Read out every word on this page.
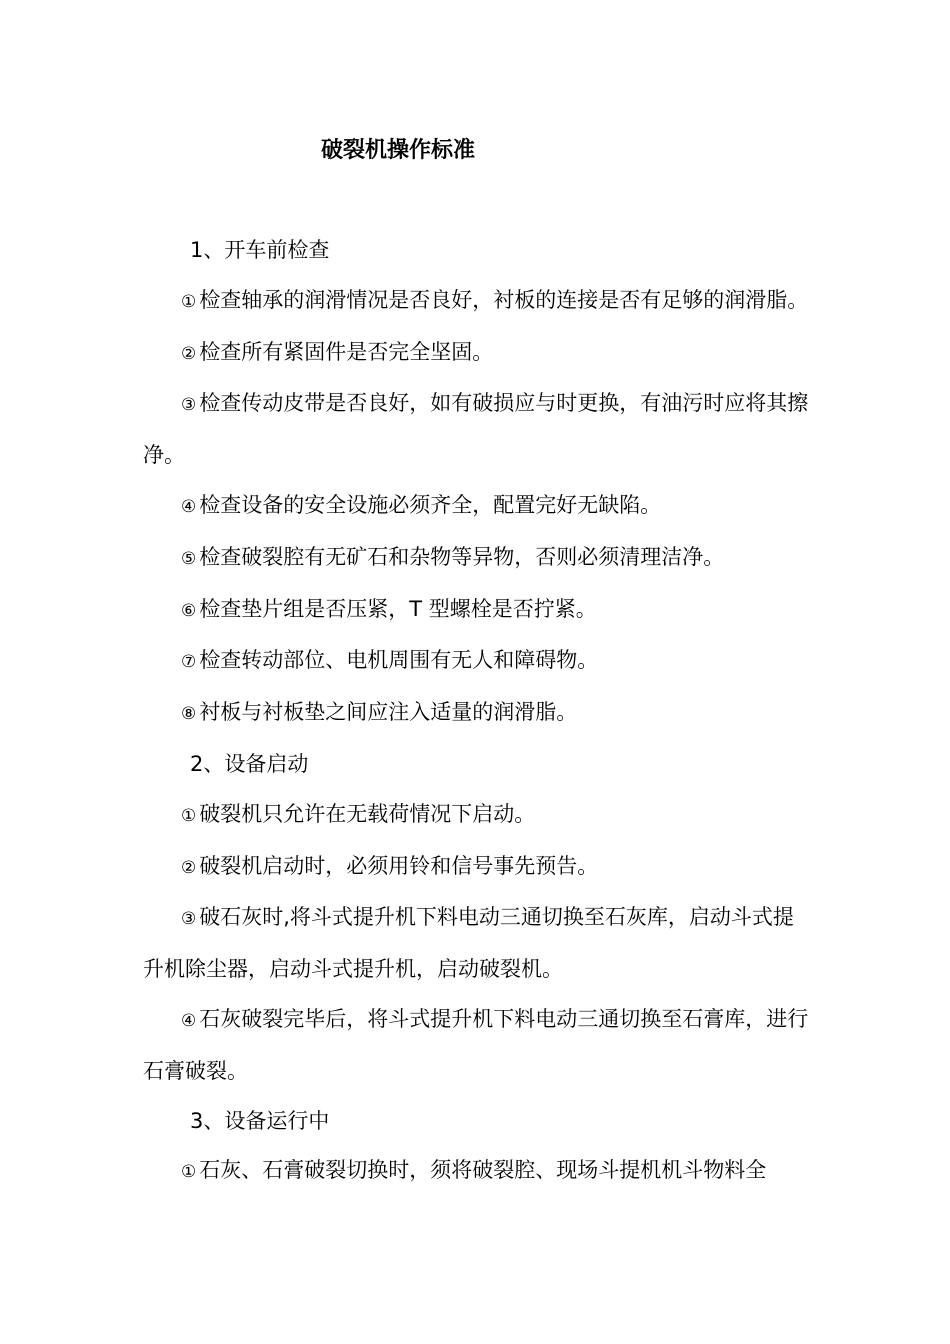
破裂机操作标准

1、开车前检查

① 检查轴承的润滑情况是否良好，衬板的连接是否有足够的润滑脂。

② 检查所有紧固件是否完全坚固。

③ 检查传动皮带是否良好，如有破损应与时更换，有油污时应将其擦净。

④ 检查设备的安全设施必须齐全，配置完好无缺陷。

⑤ 检查破裂腔有无矿石和杂物等异物，否则必须清理洁净。

⑥ 检查垫片组是否压紧，T 型螺栓是否拧紧。

⑦ 检查转动部位、电机周围有无人和障碍物。

⑧ 衬板与衬板垫之间应注入适量的润滑脂。

2、设备启动

① 破裂机只允许在无载荷情况下启动。

② 破裂机启动时，必须用铃和信号事先预告。

③ 破石灰时,将斗式提升机下料电动三通切换至石灰库，启动斗式提升机除尘器，启动斗式提升机，启动破裂机。

④ 石灰破裂完毕后，将斗式提升机下料电动三通切换至石膏库，进行石膏破裂。

3、设备运行中

① 石灰、石膏破裂切换时，须将破裂腔、现场斗提机机斗物料全
